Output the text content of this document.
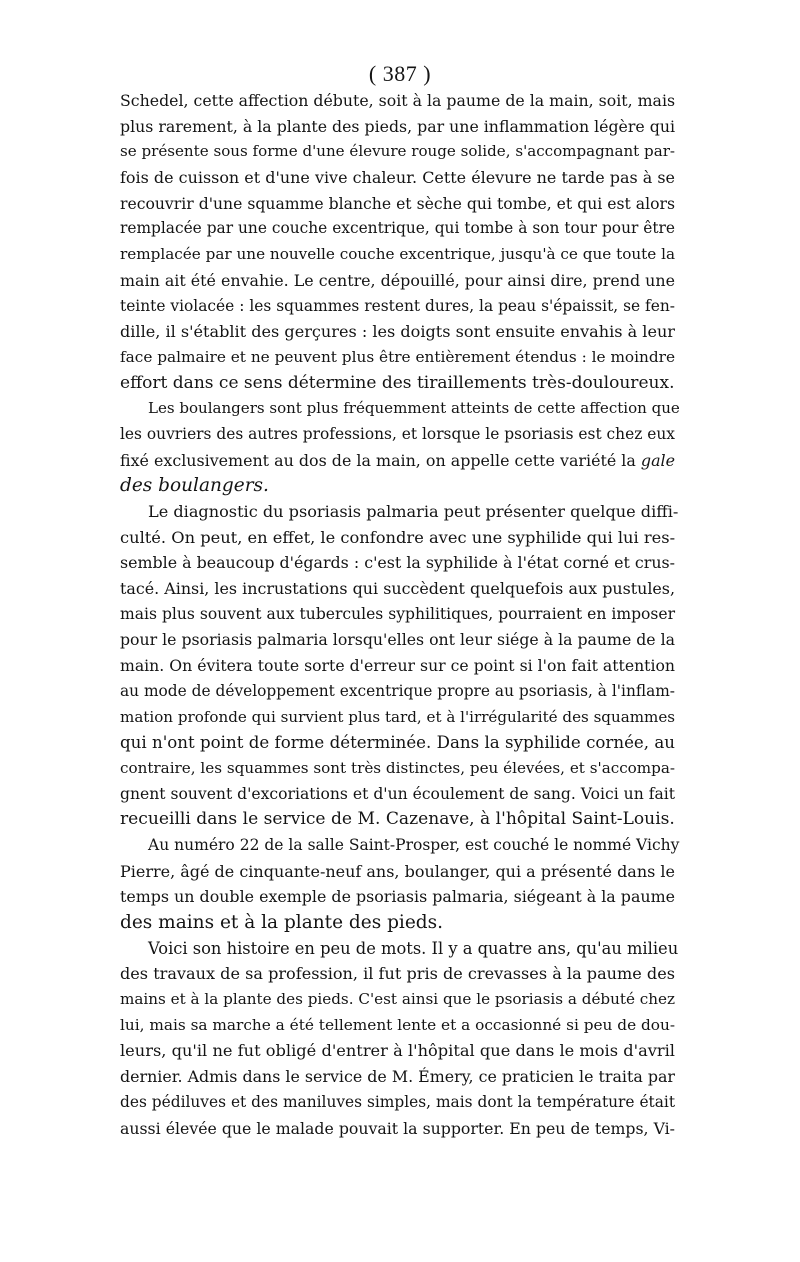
( 387 )
Schedel, cette affection débute, soit à la paume de la main, soit, mais
plus rarement, à la plante des pieds, par une inflammation légère qui
se présente sous forme d'une élevure rouge solide, s'accompagnant par-
fois de cuisson et d'une vive chaleur. Cette élevure ne tarde pas à se
recouvrir d'une squamme blanche et sèche qui tombe, et qui est alors
remplacée par une couche excentrique, qui tombe à son tour pour être
remplacée par une nouvelle couche excentrique, jusqu'à ce que toute la
main ait été envahie. Le centre, dépouillé, pour ainsi dire, prend une
teinte violacée : les squammes restent dures, la peau s'épaissit, se fen-
dille, il s'établit des gerçures : les doigts sont ensuite envahis à leur
face palmaire et ne peuvent plus être entièrement étendus : le moindre
effort dans ce sens détermine des tiraillements très-douloureux.
Les boulangers sont plus fréquemment atteints de cette affection que
les ouvriers des autres professions, et lorsque le psoriasis est chez eux
fixé exclusivement au dos de la main, on appelle cette variété la gale
des boulangers.
Le diagnostic du psoriasis palmaria peut présenter quelque diffi-
culté. On peut, en effet, le confondre avec une syphilide qui lui res-
semble à beaucoup d'égards : c'est la syphilide à l'état corné et crus-
tacé. Ainsi, les incrustations qui succèdent quelquefois aux pustules,
mais plus souvent aux tubercules syphilitiques, pourraient en imposer
pour le psoriasis palmaria lorsqu'elles ont leur siége à la paume de la
main. On évitera toute sorte d'erreur sur ce point si l'on fait attention
au mode de développement excentrique propre au psoriasis, à l'inflam-
mation profonde qui survient plus tard, et à l'irrégularité des squammes
qui n'ont point de forme déterminée. Dans la syphilide cornée, au
contraire, les squammes sont très distinctes, peu élevées, et s'accompa-
gnent souvent d'excoriations et d'un écoulement de sang. Voici un fait
recueilli dans le service de M. Cazenave, à l'hôpital Saint-Louis.
Au numéro 22 de la salle Saint-Prosper, est couché le nommé Vichy
Pierre, âgé de cinquante-neuf ans, boulanger, qui a présenté dans le
temps un double exemple de psoriasis palmaria, siégeant à la paume
des mains et à la plante des pieds.
Voici son histoire en peu de mots. Il y a quatre ans, qu'au milieu
des travaux de sa profession, il fut pris de crevasses à la paume des
mains et à la plante des pieds. C'est ainsi que le psoriasis a débuté chez
lui, mais sa marche a été tellement lente et a occasionné si peu de dou-
leurs, qu'il ne fut obligé d'entrer à l'hôpital que dans le mois d'avril
dernier. Admis dans le service de M. Émery, ce praticien le traita par
des pédiluves et des maniluves simples, mais dont la température était
aussi élevée que le malade pouvait la supporter. En peu de temps, Vi-
